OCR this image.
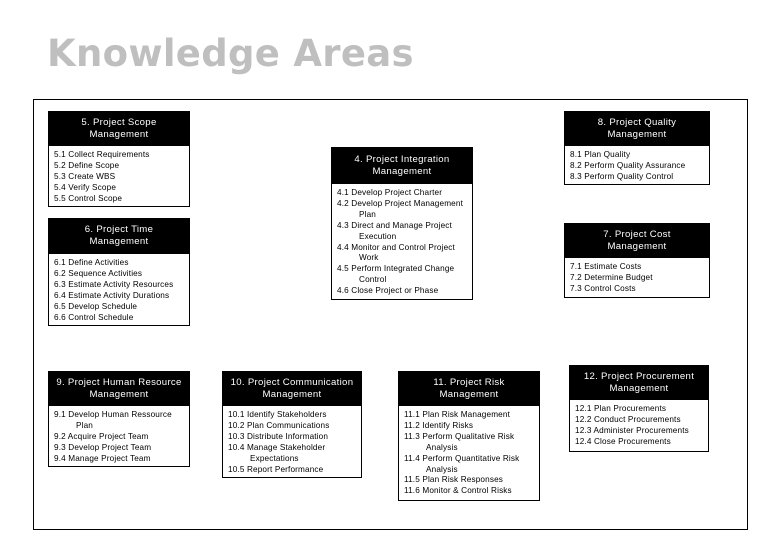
Knowledge Areas
5. Project Scope
Management
5.1 Collect Requirements
5.2 Define Scope
5.3 Create WBS
5.4 Verify Scope
5.5 Control Scope
6. Project Time
Management
6.1 Define Activities
6.2 Sequence Activities
6.3 Estimate Activity Resources
6.4 Estimate Activity Durations
6.5 Develop Schedule
6.6 Control Schedule
4. Project Integration
Management
4.1 Develop Project Charter
4.2 Develop Project Management Plan
4.3 Direct and Manage Project Execution
4.4 Monitor and Control Project Work
4.5 Perform Integrated Change Control
4.6 Close Project or Phase
8. Project Quality
Management
8.1 Plan Quality
8.2 Perform Quality Assurance
8.3 Perform Quality Control
7. Project Cost
Management
7.1 Estimate Costs
7.2 Determine Budget
7.3 Control Costs
9. Project Human Resource
Management
9.1 Develop Human Ressource Plan
9.2 Acquire Project Team
9.3 Develop Project Team
9.4 Manage Project Team
10. Project Communication
Management
10.1 Identify Stakeholders
10.2 Plan Communications
10.3 Distribute Information
10.4 Manage Stakeholder Expectations
10.5 Report Performance
11. Project Risk
Management
11.1 Plan Risk Management
11.2 Identify Risks
11.3 Perform Qualitative Risk Analysis
11.4 Perform Quantitative Risk Analysis
11.5 Plan Risk Responses
11.6 Monitor & Control Risks
12. Project Procurement
Management
12.1 Plan Procurements
12.2 Conduct Procurements
12.3 Administer Procurements
12.4 Close Procurements
